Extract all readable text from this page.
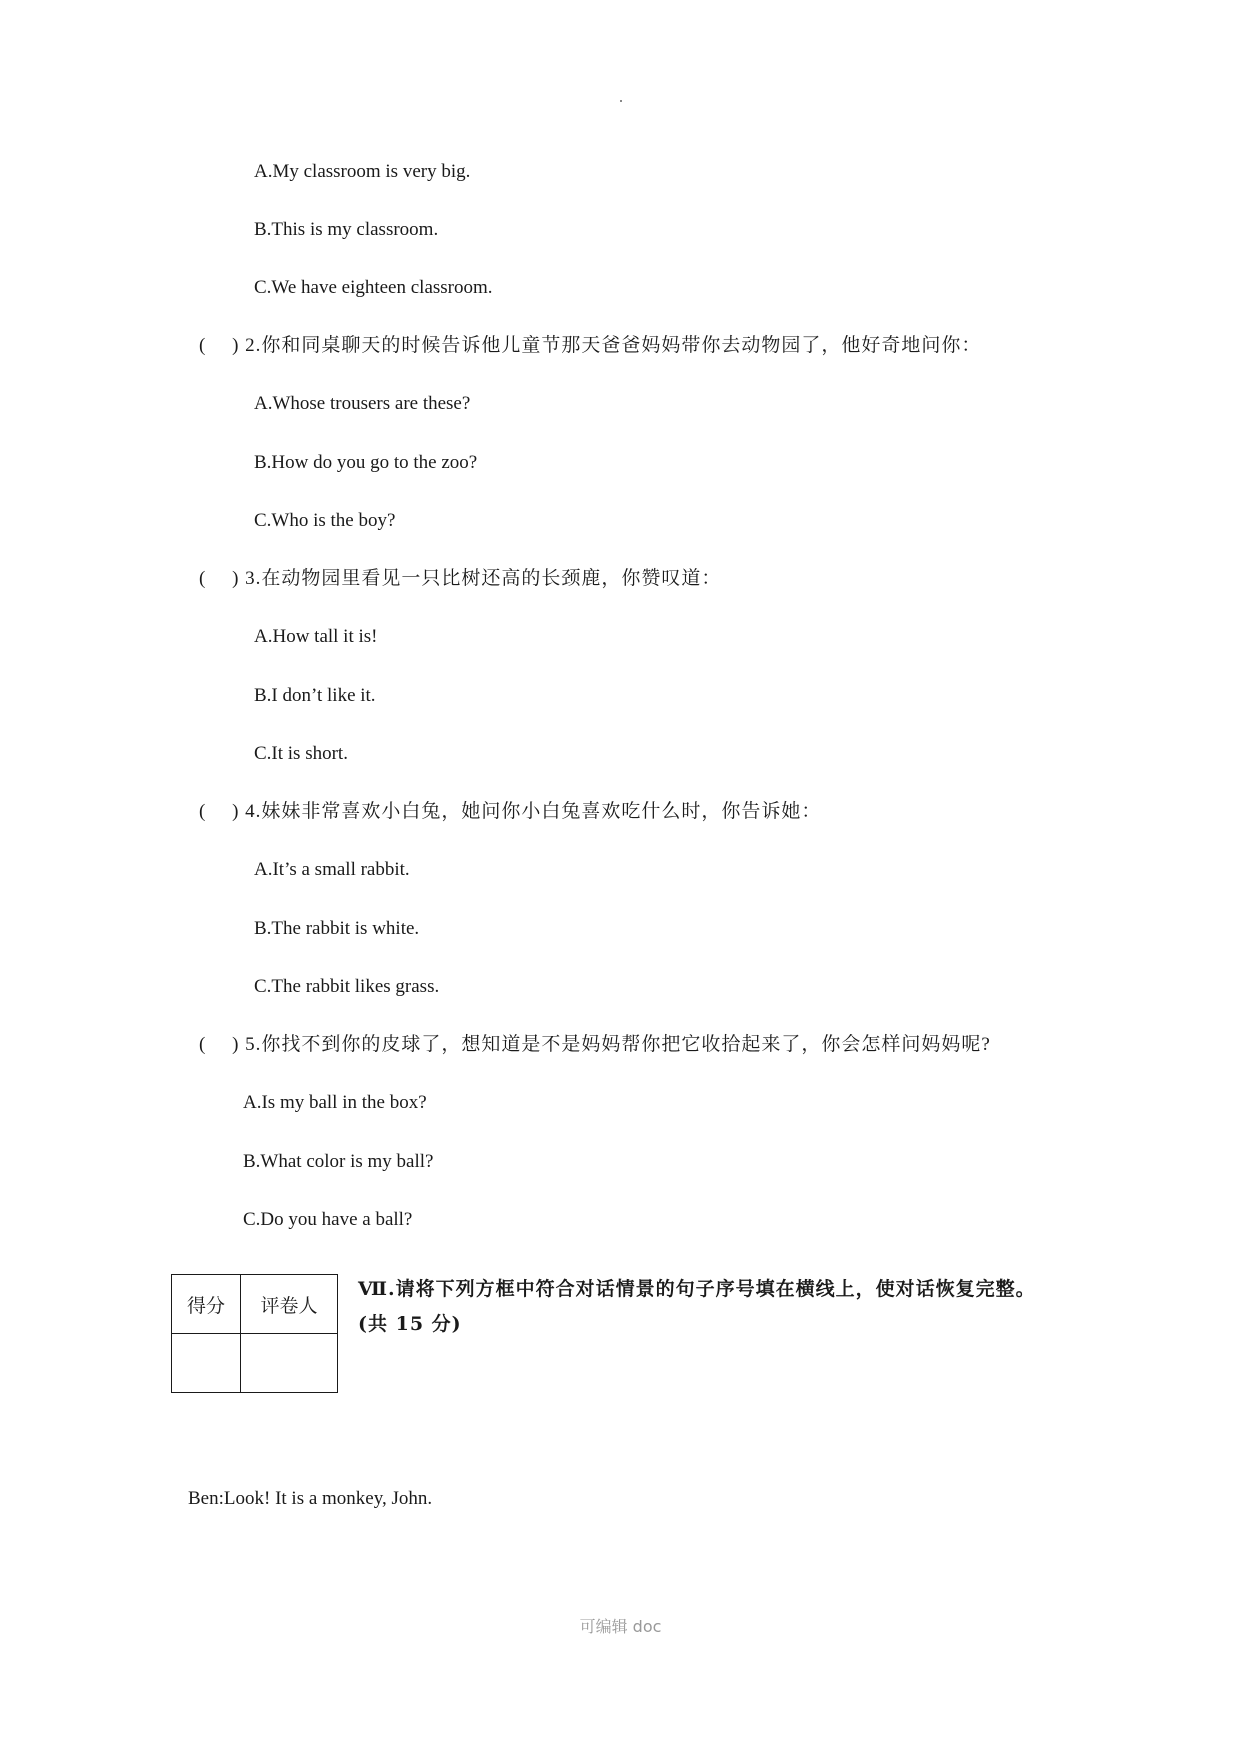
A.My classroom is very big.
B.This is my classroom.
C.We have eighteen classroom.
(　 ) 2.你和同桌聊天的时候告诉他儿童节那天爸爸妈妈带你去动物园了，他好奇地问你：
A.Whose trousers are these?
B.How do you go to the zoo?
C.Who is the boy?
(　 ) 3.在动物园里看见一只比树还高的长颈鹿，你赞叹道：
A.How tall it is!
B.I don’t like it.
C.It is short.
(　 ) 4.妹妹非常喜欢小白兔，她问你小白兔喜欢吃什么时，你告诉她：
A.It’s a small rabbit.
B.The rabbit is white.
C.The rabbit likes grass.
(　 ) 5.你找不到你的皮球了，想知道是不是妈妈帮你把它收拾起来了，你会怎样问妈妈呢?
A.Is my ball in the box?
B.What color is my ball?
C.Do you have a ball?
得分	评卷人

Ⅶ.请将下列方框中符合对话情景的句子序号填在横线上，使对话恢复完整。(共 15 分)
Ben:Look! It is a monkey, John.
可编辑 doc
